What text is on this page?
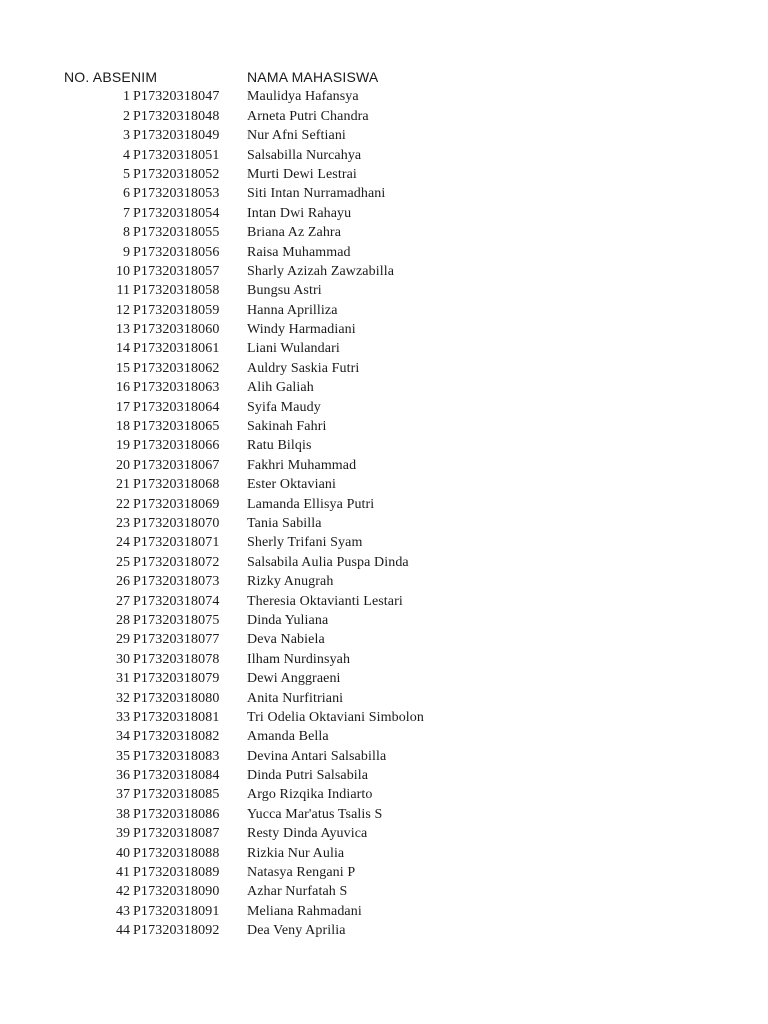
NO. ABSENIM	NAMA MAHASISWA
1 P17320318047 Maulidya Hafansya
2 P17320318048 Arneta Putri Chandra
3 P17320318049 Nur Afni Seftiani
4 P17320318051 Salsabilla Nurcahya
5 P17320318052 Murti Dewi Lestrai
6 P17320318053 Siti Intan Nurramadhani
7 P17320318054 Intan Dwi Rahayu
8 P17320318055 Briana Az Zahra
9 P17320318056 Raisa Muhammad
10 P17320318057 Sharly Azizah Zawzabilla
11 P17320318058 Bungsu Astri
12 P17320318059 Hanna Aprilliza
13 P17320318060 Windy Harmadiani
14 P17320318061 Liani Wulandari
15 P17320318062 Auldry Saskia Futri
16 P17320318063 Alih Galiah
17 P17320318064 Syifa Maudy
18 P17320318065 Sakinah Fahri
19 P17320318066 Ratu Bilqis
20 P17320318067 Fakhri Muhammad
21 P17320318068 Ester Oktaviani
22 P17320318069 Lamanda Ellisya Putri
23 P17320318070 Tania Sabilla
24 P17320318071 Sherly Trifani Syam
25 P17320318072 Salsabila Aulia Puspa Dinda
26 P17320318073 Rizky Anugrah
27 P17320318074 Theresia Oktavianti Lestari
28 P17320318075 Dinda Yuliana
29 P17320318077 Deva Nabiela
30 P17320318078 Ilham Nurdinsyah
31 P17320318079 Dewi Anggraeni
32 P17320318080 Anita Nurfitriani
33 P17320318081 Tri Odelia Oktaviani Simbolon
34 P17320318082 Amanda Bella
35 P17320318083 Devina Antari Salsabilla
36 P17320318084 Dinda Putri Salsabila
37 P17320318085 Argo Rizqika Indiarto
38 P17320318086 Yucca Mar'atus Tsalis S
39 P17320318087 Resty Dinda Ayuvica
40 P17320318088 Rizkia Nur Aulia
41 P17320318089 Natasya Rengani P
42 P17320318090 Azhar Nurfatah S
43 P17320318091 Meliana Rahmadani
44 P17320318092 Dea Veny Aprilia
